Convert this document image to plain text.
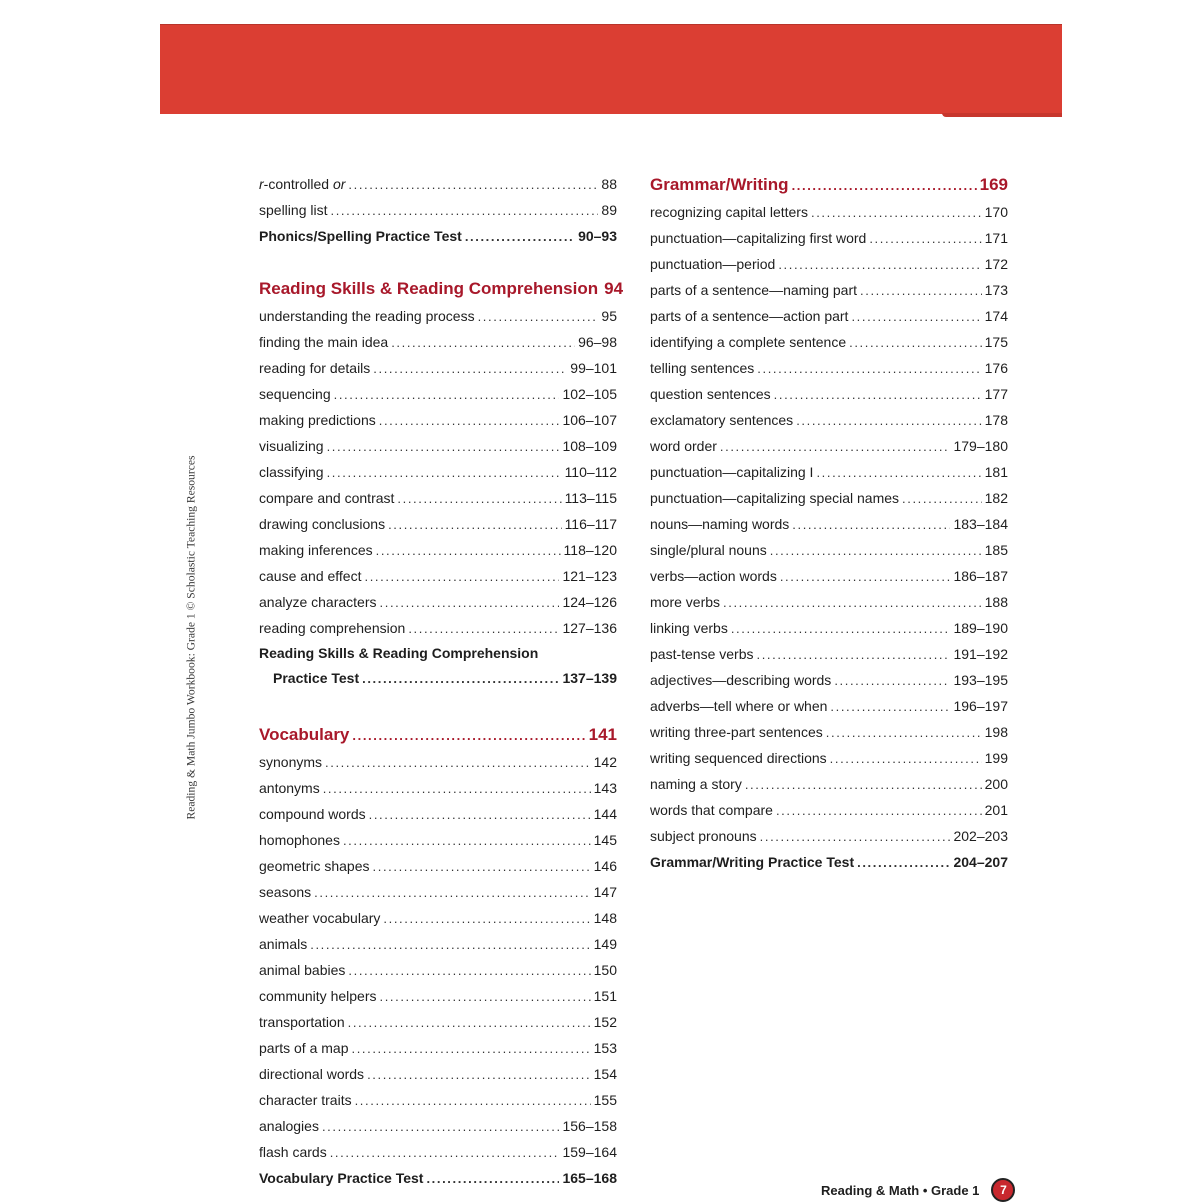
Reading & Math Jumbo Workbook: Grade 1 © Scholastic Teaching Resources
r-controlled or .....	88
spelling list .....	89
Phonics/Spelling Practice Test .....	90–93
Reading Skills & Reading Comprehension 94
understanding the reading process .....	95
finding the main idea .....	96–98
reading for details .....	99–101
sequencing .....	102–105
making predictions .....	106–107
visualizing .....	108–109
classifying .....	110–112
compare and contrast .....	113–115
drawing conclusions .....	116–117
making inferences .....	118–120
cause and effect .....	121–123
analyze characters .....	124–126
reading comprehension .....	127–136
Reading Skills & Reading Comprehension
Practice Test .....	137–139
Vocabulary .....	141
synonyms .....	142
antonyms .....	143
compound words .....	144
homophones .....	145
geometric shapes .....	146
seasons .....	147
weather vocabulary .....	148
animals .....	149
animal babies .....	150
community helpers .....	151
transportation .....	152
parts of a map .....	153
directional words .....	154
character traits .....	155
analogies .....	156–158
flash cards .....	159–164
Vocabulary Practice Test .....	165–168
Grammar/Writing .....	169
recognizing capital letters .....	170
punctuation—capitalizing first word .....	171
punctuation—period .....	172
parts of a sentence—naming part .....	173
parts of a sentence—action part .....	174
identifying a complete sentence .....	175
telling sentences .....	176
question sentences .....	177
exclamatory sentences .....	178
word order .....	179–180
punctuation—capitalizing I .....	181
punctuation—capitalizing special names .....	182
nouns—naming words .....	183–184
single/plural nouns .....	185
verbs—action words .....	186–187
more verbs .....	188
linking verbs .....	189–190
past-tense verbs .....	191–192
adjectives—describing words .....	193–195
adverbs—tell where or when .....	196–197
writing three-part sentences .....	198
writing sequenced directions .....	199
naming a story .....	200
words that compare .....	201
subject pronouns .....	202–203
Grammar/Writing Practice Test .....	204–207
Reading & Math • Grade 1	7
